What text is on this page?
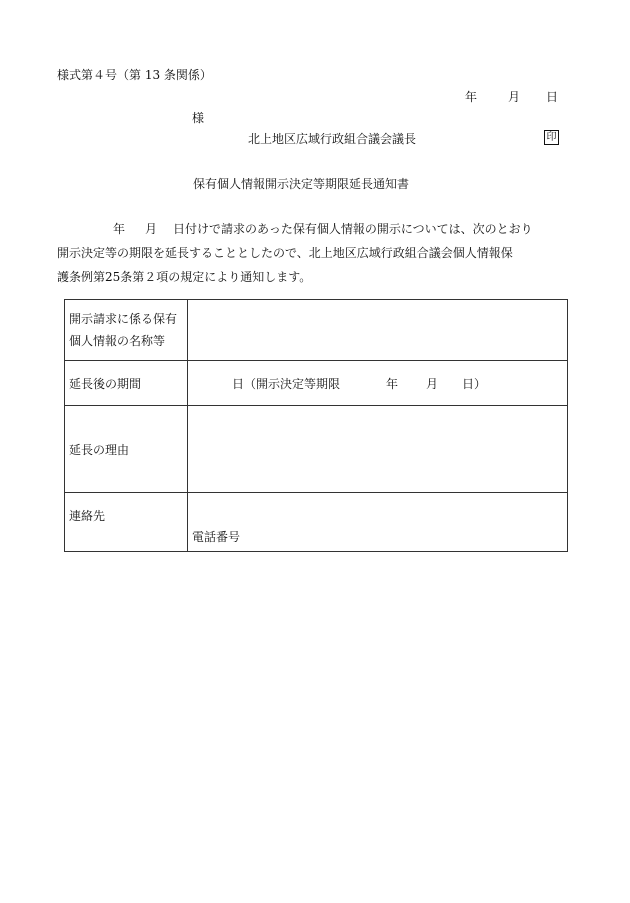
様式第４号（第 13 条関係）
年	月 日
様
北上地区広域行政組合議会議長	印
保有個人情報開示決定等期限延長通知書
年 月 日付けで請求のあった保有個人情報の開示については、次のとおり
開示決定等の期限を延長することとしたので、北上地区広域行政組合議会個人情報保
護条例第25条第２項の規定により通知します。
開示請求に係る保有
個人情報の名称等	

延長後の期間	日（開示決定等期限 年 月 日）
延長の理由	
連絡先	電話番号
